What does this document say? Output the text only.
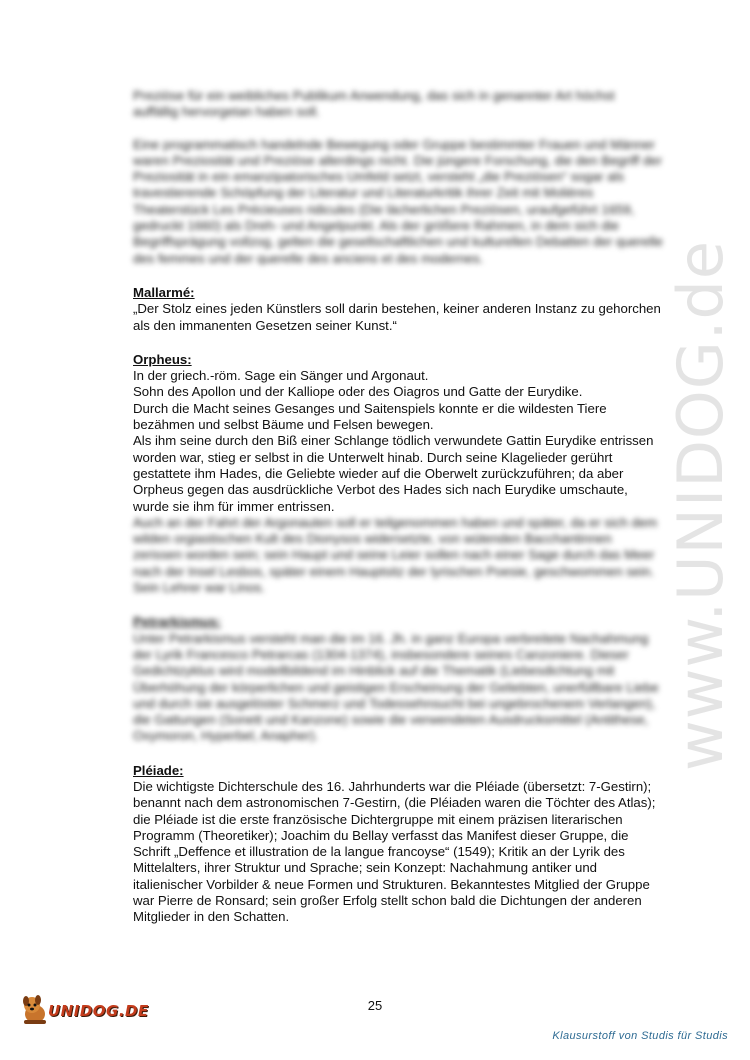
www.UNIDOG.de
Preziöse für ein weibliches Publikum Anwendung, das sich in genannter Art höchst auffällig hervorgetan haben soll.
Eine programmatisch handelnde Bewegung oder Gruppe bestimmter Frauen und Männer waren Preziosität und Preziöse allerdings nicht. Die jüngere Forschung, die den Begriff der Preziosität in ein emanzipatorisches Umfeld setzt, versteht „die Preziösen“ sogar als travestierende Schöpfung der Literatur und Literaturkritik ihrer Zeit mit Molières Theaterstück Les Précieuses ridicules (Die lächerlichen Preziösen, uraufgeführt 1659, gedruckt 1660) als Dreh- und Angelpunkt. Als der größere Rahmen, in dem sich die Begriffsprägung vollzog, gelten die gesellschaftlichen und kulturellen Debatten der querelle des femmes und der querelle des anciens et des modernes.
Mallarmé:
„Der Stolz eines jeden Künstlers soll darin bestehen, keiner anderen Instanz zu gehorchen als den immanenten Gesetzen seiner Kunst.“
Orpheus:
In der griech.-röm. Sage ein Sänger und Argonaut.
Sohn des Apollon und der Kalliope oder des Oiagros und Gatte der Eurydike.
Durch die Macht seines Gesanges und Saitenspiels konnte er die wildesten Tiere bezähmen und selbst Bäume und Felsen bewegen.
Als ihm seine durch den Biß einer Schlange tödlich verwundete Gattin Eurydike entrissen worden war, stieg er selbst in die Unterwelt hinab. Durch seine Klagelieder gerührt gestattete ihm Hades, die Geliebte wieder auf die Oberwelt zurückzuführen; da aber Orpheus gegen das ausdrückliche Verbot des Hades sich nach Eurydike umschaute, wurde sie ihm für immer entrissen.
Auch an der Fahrt der Argonauten soll er teilgenommen haben und später, da er sich dem wilden orgiastischen Kult des Dionysos widersetzte, von wütenden Bacchantinnen zerissen worden sein; sein Haupt und seine Leier sollen nach einer Sage durch das Meer nach der Insel Lesbos, später einem Hauptsitz der lyrischen Poesie, geschwommen sein.
Sein Lehrer war Linos.
Petrarkismus:
Unter Petrarkismus versteht man die im 16. Jh. in ganz Europa verbreitete Nachahmung der Lyrik Francesco Petrarcas (1304-1374), insbesondere seines Canzoniere. Dieser Gedichtzyklus wird modellbildend im Hinblick auf die Thematik (Liebesdichtung mit Überhöhung der körperlichen und geistigen Erscheinung der Geliebten, unerfüllbare Liebe und durch sie ausgelöster Schmerz und Todessehnsucht bei ungebrochenem Verlangen), die Gattungen (Sonett und Kanzone) sowie die verwendeten Ausdrucksmittel (Antithese, Oxymoron, Hyperbel, Anapher).
Pléiade:
Die wichtigste Dichterschule des 16. Jahrhunderts war die Pléiade (übersetzt: 7-Gestirn); benannt nach dem astronomischen 7-Gestirn, (die Pléiaden waren die Töchter des Atlas); die Pléiade ist die erste französische Dichtergruppe mit einem präzisen literarischen Programm (Theoretiker); Joachim du Bellay verfasst das Manifest dieser Gruppe, die Schrift „Deffence et illustration de la langue francoyse“ (1549); Kritik an der Lyrik des Mittelalters, ihrer Struktur und Sprache; sein Konzept: Nachahmung antiker und italienischer Vorbilder & neue Formen und Strukturen. Bekanntestes Mitglied der Gruppe war Pierre de Ronsard; sein großer Erfolg stellt schon bald die Dichtungen der anderen Mitglieder in den Schatten.
25
UNIDOG.DE
Klausurstoff von Studis für Studis
